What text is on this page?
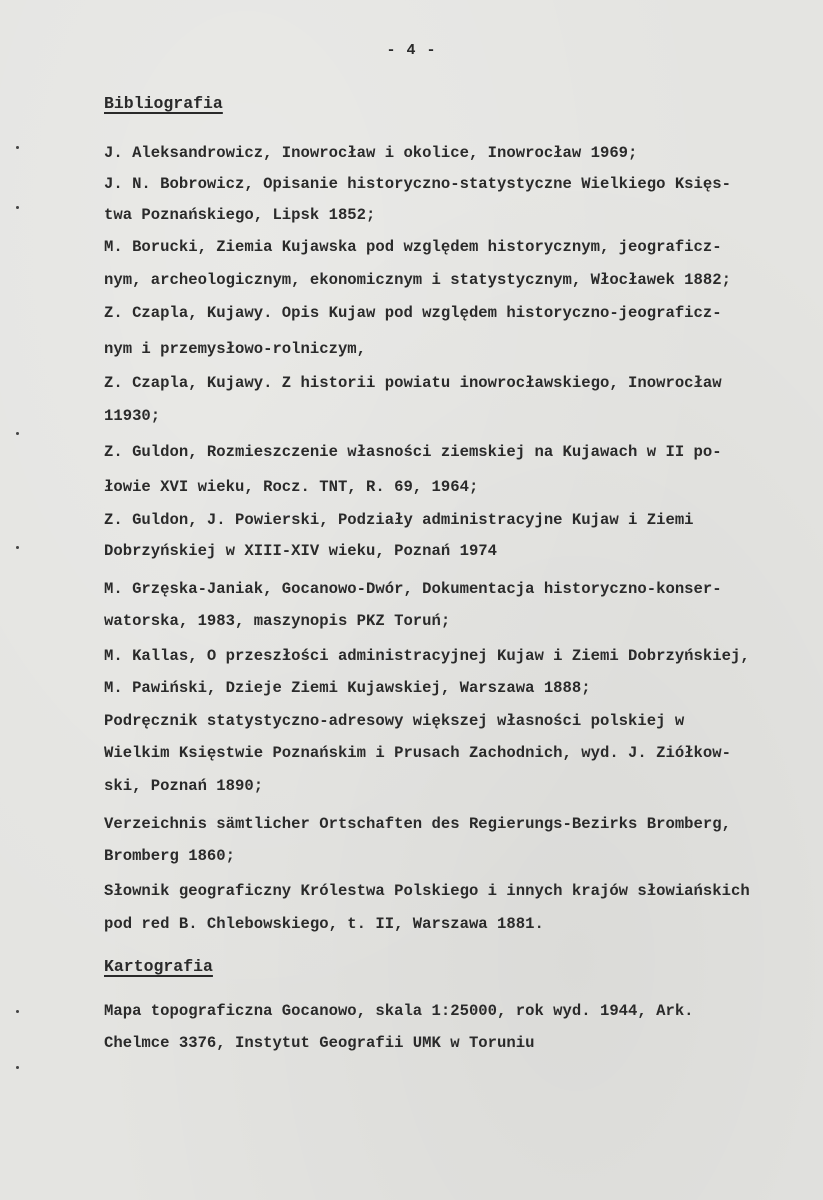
- 4 -
Bibliografia
J. Aleksandrowicz, Inowrocław i okolice, Inowrocław 1969;
J. N. Bobrowicz, Opisanie historyczno-statystyczne Wielkiego Księs-
twa Poznańskiego, Lipsk 1852;
M. Borucki, Ziemia Kujawska pod względem historycznym, jeograficz-
nym, archeologicznym, ekonomicznym i statystycznym, Włocławek 1882;
Z. Czapla, Kujawy. Opis Kujaw pod względem historyczno-jeograficz-
nym i przemysłowo-rolniczym,
Z. Czapla, Kujawy. Z historii powiatu inowrocławskiego, Inowrocław
11930;
Z. Guldon, Rozmieszczenie własności ziemskiej na Kujawach w II po-
łowie XVI wieku, Rocz. TNT, R. 69, 1964;
Z. Guldon, J. Powierski, Podziały administracyjne Kujaw i Ziemi
Dobrzyńskiej w XIII-XIV wieku, Poznań 1974
M. Grzęska-Janiak, Gocanowo-Dwór, Dokumentacja historyczno-konser-
watorska, 1983, maszynopis PKZ Toruń;
M. Kallas, O przeszłości administracyjnej Kujaw i Ziemi Dobrzyńskiej,
M. Pawiński, Dzieje Ziemi Kujawskiej, Warszawa 1888;
Podręcznik statystyczno-adresowy większej własności polskiej w
Wielkim Księstwie Poznańskim i Prusach Zachodnich, wyd. J. Ziółkow-
ski, Poznań 1890;
Verzeichnis sämtlicher Ortschaften des Regierungs-Bezirks Bromberg,
Bromberg 1860;
Słownik geograficzny Królestwa Polskiego i innych krajów słowiańskich
pod red B. Chlebowskiego, t. II, Warszawa 1881.
Kartografia
Mapa topograficzna Gocanowo, skala 1:25000, rok wyd. 1944, Ark.
Chelmce 3376, Instytut Geografii UMK w Toruniu
